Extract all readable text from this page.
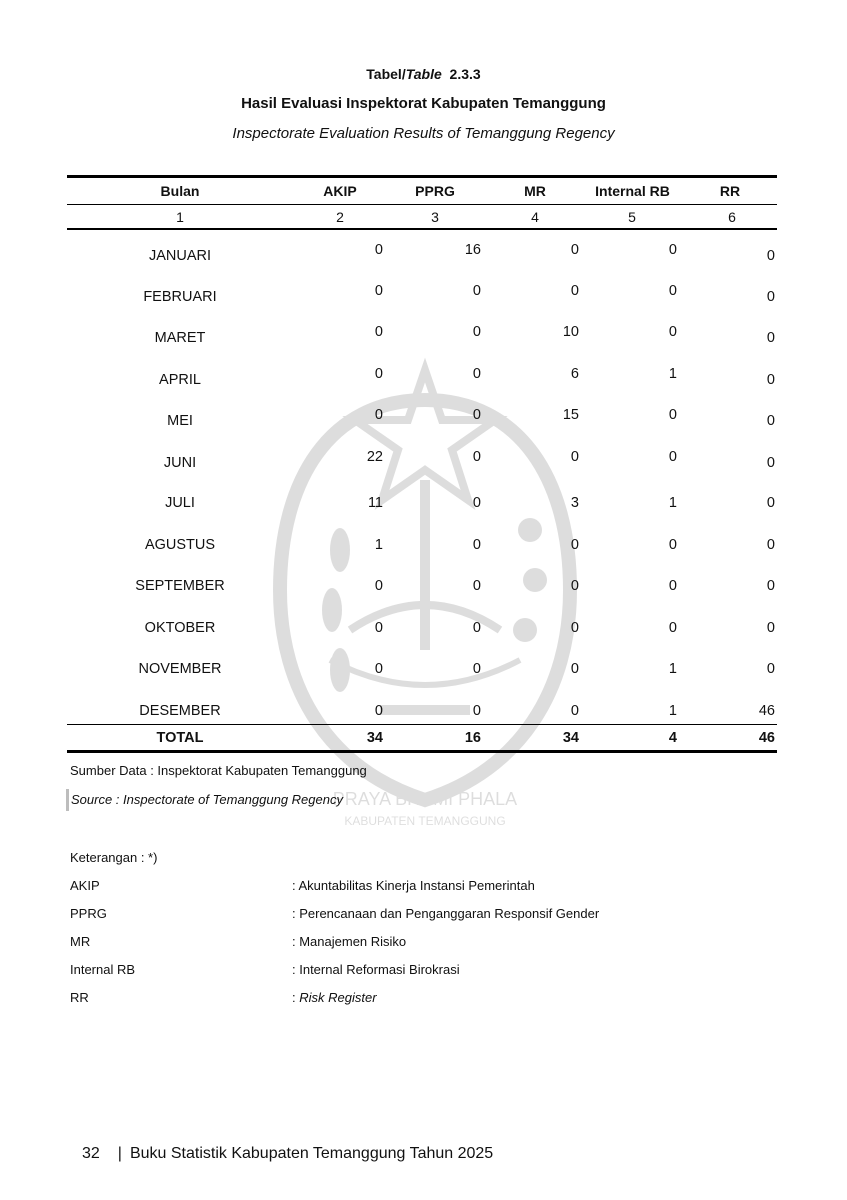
PRAYA BHUMI PHALA
KABUPATEN TEMANGGUNG
Tabel/Table 2.3.3
Hasil Evaluasi Inspektorat Kabupaten Temanggung
Inspectorate Evaluation Results of Temanggung Regency
Bulan	AKIP	PPRG	MR	Internal RB	RR
1	2	3	4	5	6
JANUARI	0	16	0	0	0
FEBRUARI	0	0	0	0	0
MARET	0	0	10	0	0
APRIL	0	0	6	1	0
MEI	0	0	15	0	0
JUNI	22	0	0	0	0
JULI	11	0	3	1	0
AGUSTUS	1	0	0	0	0
SEPTEMBER	0	0	0	0	0
OKTOBER	0	0	0	0	0
NOVEMBER	0	0	0	1	0
DESEMBER	0	0	0	1	46
TOTAL	34	16	34	4	46
Sumber Data : Inspektorat Kabupaten Temanggung
Source : Inspectorate of Temanggung Regency
Keterangan : *)
AKIP	: Akuntabilitas Kinerja Instansi Pemerintah
PPRG	: Perencanaan dan Penganggaran Responsif Gender
MR	: Manajemen Risiko
Internal RB	: Internal Reformasi Birokrasi
RR	: Risk Register
32 | Buku Statistik Kabupaten Temanggung Tahun 2025
